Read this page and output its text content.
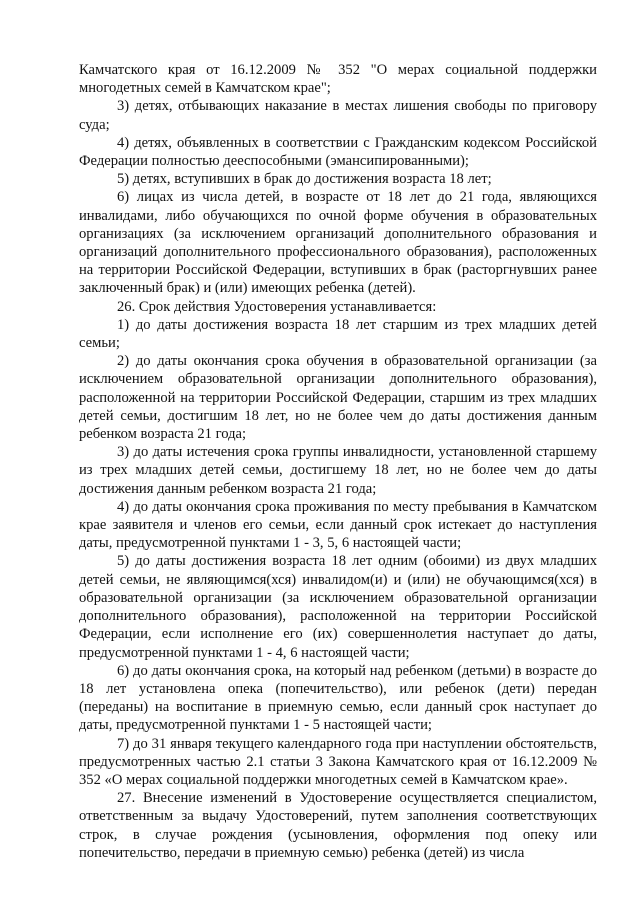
Камчатского края от 16.12.2009 № 352 "О мерах социальной поддержки многодетных семей в Камчатском крае";

3) детях, отбывающих наказание в местах лишения свободы по приговору суда;

4) детях, объявленных в соответствии с Гражданским кодексом Российской Федерации полностью дееспособными (эмансипированными);

5) детях, вступивших в брак до достижения возраста 18 лет;

6) лицах из числа детей, в возрасте от 18 лет до 21 года, являющихся инвалидами, либо обучающихся по очной форме обучения в образовательных организациях (за исключением организаций дополнительного образования и организаций дополнительного профессионального образования), расположенных на территории Российской Федерации, вступивших в брак (расторгнувших ранее заключенный брак) и (или) имеющих ребенка (детей).

26. Срок действия Удостоверения устанавливается:

1) до даты достижения возраста 18 лет старшим из трех младших детей семьи;

2) до даты окончания срока обучения в образовательной организации (за исключением образовательной организации дополнительного образования), расположенной на территории Российской Федерации, старшим из трех младших детей семьи, достигшим 18 лет, но не более чем до даты достижения данным ребенком возраста 21 года;

3) до даты истечения срока группы инвалидности, установленной старшему из трех младших детей семьи, достигшему 18 лет, но не более чем до даты достижения данным ребенком возраста 21 года;

4) до даты окончания срока проживания по месту пребывания в Камчатском крае заявителя и членов его семьи, если данный срок истекает до наступления даты, предусмотренной пунктами 1 - 3, 5, 6 настоящей части;

5) до даты достижения возраста 18 лет одним (обоими) из двух младших детей семьи, не являющимся(хся) инвалидом(и) и (или) не обучающимся(хся) в образовательной организации (за исключением образовательной организации дополнительного образования), расположенной на территории Российской Федерации, если исполнение его (их) совершеннолетия наступает до даты, предусмотренной пунктами 1 - 4, 6 настоящей части;

6) до даты окончания срока, на который над ребенком (детьми) в возрасте до 18 лет установлена опека (попечительство), или ребенок (дети) передан (переданы) на воспитание в приемную семью, если данный срок наступает до даты, предусмотренной пунктами 1 - 5 настоящей части;

7) до 31 января текущего календарного года при наступлении обстоятельств, предусмотренных частью 2.1 статьи 3 Закона Камчатского края от 16.12.2009 № 352 «О мерах социальной поддержки многодетных семей в Камчатском крае».

27. Внесение изменений в Удостоверение осуществляется специалистом, ответственным за выдачу Удостоверений, путем заполнения соответствующих строк, в случае рождения (усыновления, оформления под опеку или попечительство, передачи в приемную семью) ребенка (детей) из числа
